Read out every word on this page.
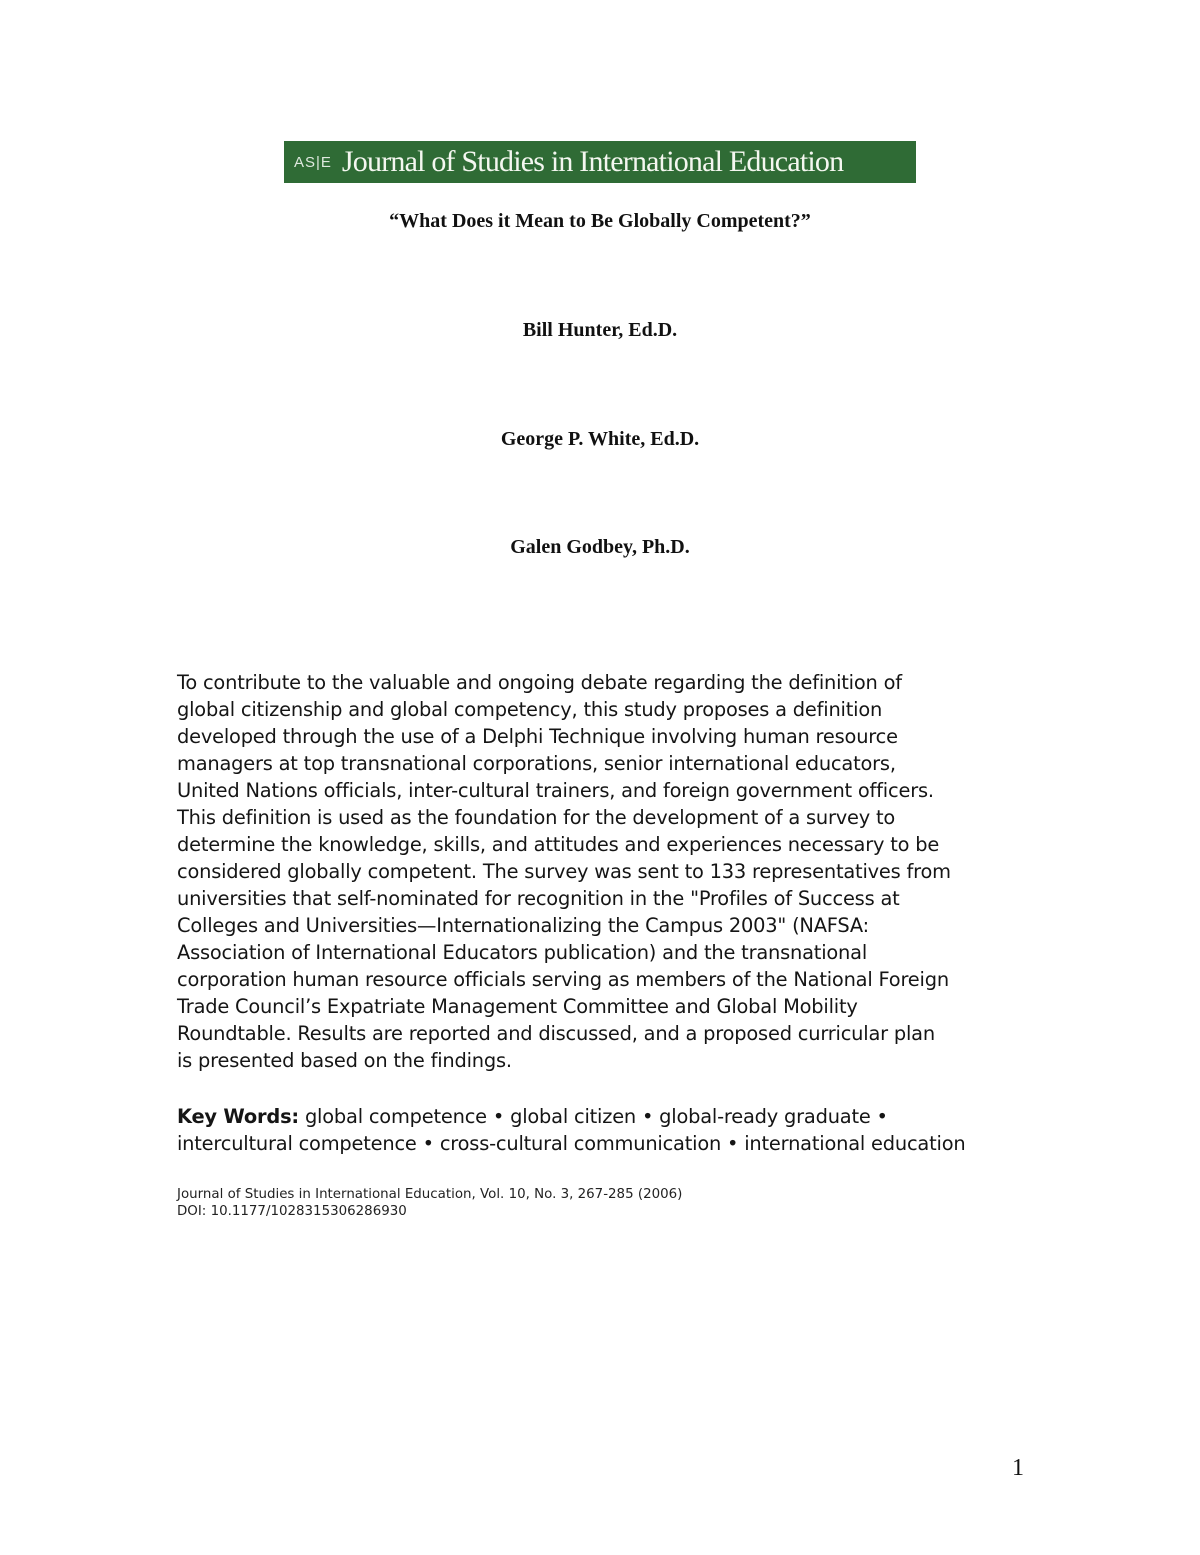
AS|E Journal of Studies in International Education
“What Does it Mean to Be Globally Competent?”
Bill Hunter, Ed.D.
George P. White, Ed.D.
Galen Godbey, Ph.D.

To contribute to the valuable and ongoing debate regarding the definition of
global citizenship and global competency, this study proposes a definition
developed through the use of a Delphi Technique involving human resource
managers at top transnational corporations, senior international educators,
United Nations officials, inter-cultural trainers, and foreign government officers.
This definition is used as the foundation for the development of a survey to
determine the knowledge, skills, and attitudes and experiences necessary to be
considered globally competent. The survey was sent to 133 representatives from
universities that self-nominated for recognition in the "Profiles of Success at
Colleges and Universities—Internationalizing the Campus 2003" (NAFSA:
Association of International Educators publication) and the transnational
corporation human resource officials serving as members of the National Foreign
Trade Council’s Expatriate Management Committee and Global Mobility
Roundtable. Results are reported and discussed, and a proposed curricular plan
is presented based on the findings.

Key Words: global competence • global citizen • global-ready graduate •
intercultural competence • cross-cultural communication • international education
Journal of Studies in International Education, Vol. 10, No. 3, 267-285 (2006)
DOI: 10.1177/1028315306286930
1
